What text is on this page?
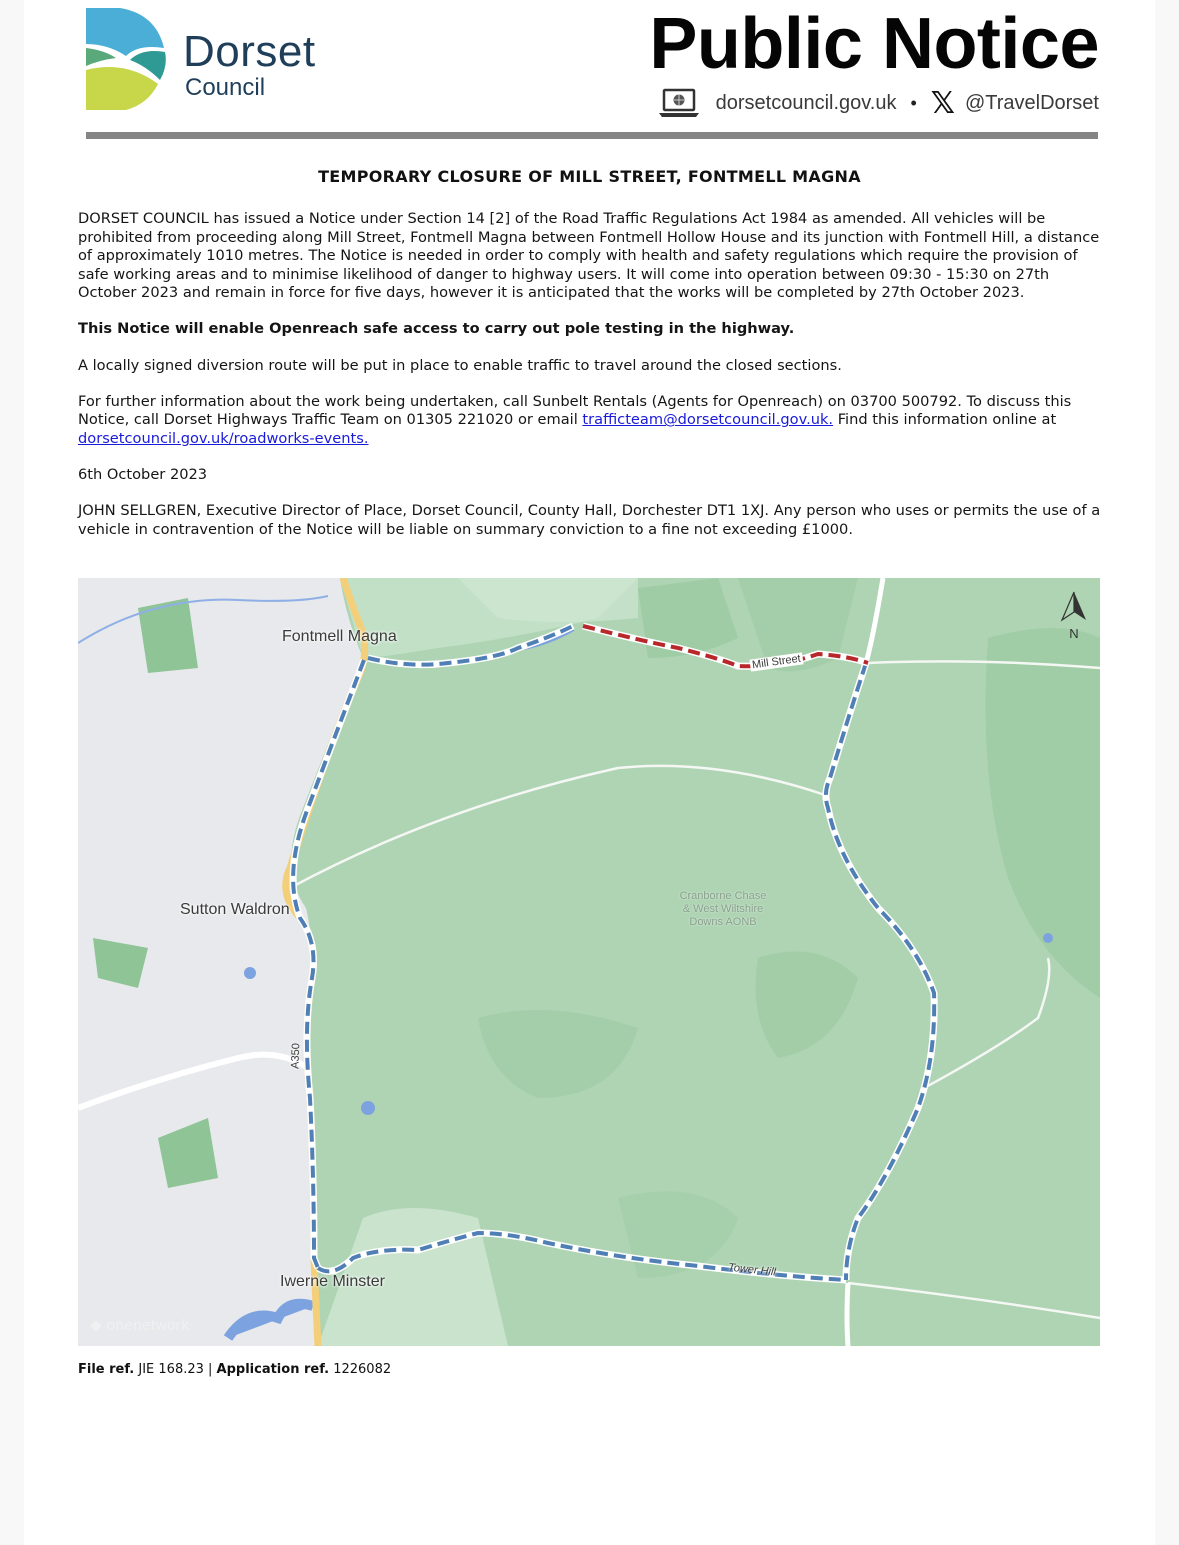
Dorset
Council
Public Notice
dorsetcouncil.gov.uk • 𝕏 @TravelDorset
TEMPORARY CLOSURE OF MILL STREET, FONTMELL MAGNA

DORSET COUNCIL has issued a Notice under Section 14 [2] of the Road Traffic Regulations Act 1984 as amended. All vehicles will be prohibited from proceeding along Mill Street, Fontmell Magna between Fontmell Hollow House and its junction with Fontmell Hill, a distance of approximately 1010 metres. The Notice is needed in order to comply with health and safety regulations which require the provision of safe working areas and to minimise likelihood of danger to highway users. It will come into operation between 09:30 - 15:30 on 27th October 2023 and remain in force for five days, however it is anticipated that the works will be completed by 27th October 2023.

This Notice will enable Openreach safe access to carry out pole testing in the highway.

A locally signed diversion route will be put in place to enable traffic to travel around the closed sections.

For further information about the work being undertaken, call Sunbelt Rentals (Agents for Openreach) on 03700 500792. To discuss this Notice, call Dorset Highways Traffic Team on 01305 221020 or email trafficteam@dorsetcouncil.gov.uk. Find this information online at dorsetcouncil.gov.uk/roadworks-events.

6th October 2023

JOHN SELLGREN, Executive Director of Place, Dorset Council, County Hall, Dorchester DT1 1XJ. Any person who uses or permits the use of a vehicle in contravention of the Notice will be liable on summary conviction to a fine not exceeding £1000.

Fontmell Magna
Sutton Waldron
Iwerne Minster
Mill Street
Tower Hill
A350
Cranborne Chase
& West Wiltshire
Downs AONB
N
◆ onenetwork
File ref. JIE 168.23 | Application ref. 1226082
